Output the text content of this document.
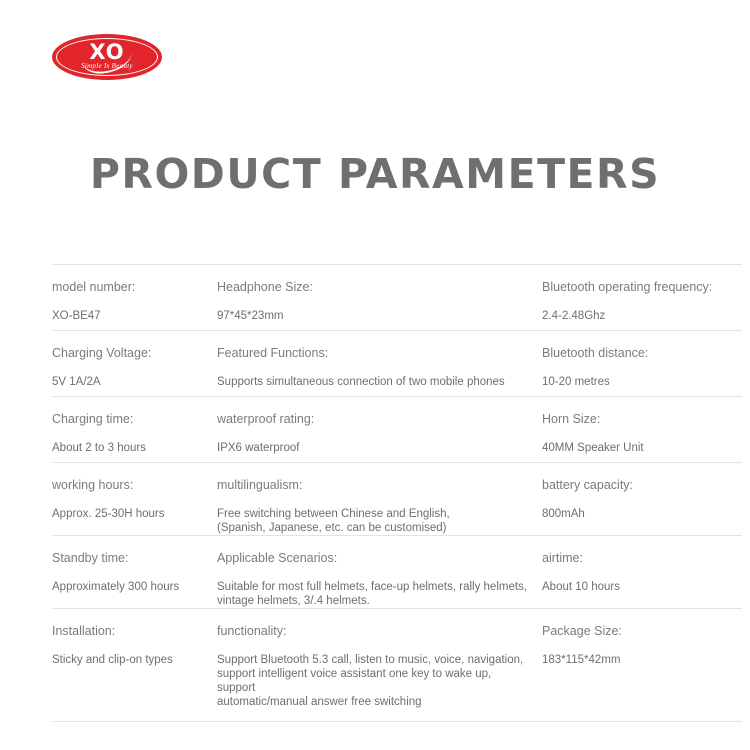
XO
Simple Is Beauty
PRODUCT PARAMETERS
model number:
XO-BE47
Headphone Size:
97*45*23mm
Bluetooth operating frequency:
2.4-2.48Ghz
Charging Voltage:
5V 1A/2A
Featured Functions:
Supports simultaneous connection of two mobile phones
Bluetooth distance:
10-20 metres
Charging time:
About 2 to 3 hours
waterproof rating:
IPX6 waterproof
Horn Size:
40MM Speaker Unit
working hours:
Approx. 25-30H hours
multilingualism:
Free switching between Chinese and English,
(Spanish, Japanese, etc. can be customised)
battery capacity:
800mAh
Standby time:
Approximately 300 hours
Applicable Scenarios:
Suitable for most full helmets, face-up helmets, rally helmets,
vintage helmets, 3/.4 helmets.
airtime:
About 10 hours
Installation:
Sticky and clip-on types
functionality:
Support Bluetooth 5.3 call, listen to music, voice, navigation,
support intelligent voice assistant one key to wake up, support
automatic/manual answer free switching
Package Size:
183*115*42mm
